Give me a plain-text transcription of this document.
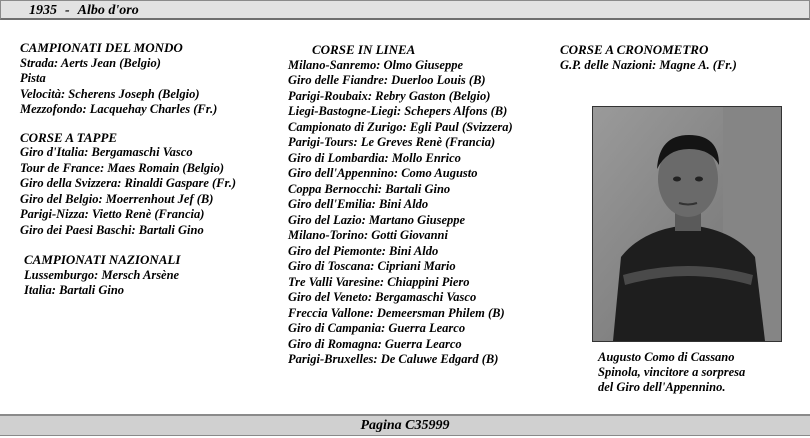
1935 - Albo d'oro
CAMPIONATI DEL MONDO
Strada: Aerts Jean (Belgio)
Pista
Velocità: Scherens Joseph (Belgio)
Mezzofondo: Lacquehay Charles (Fr.)
CORSE A TAPPE
Giro d'Italia: Bergamaschi Vasco
Tour de France: Maes Romain (Belgio)
Giro della Svizzera: Rinaldi Gaspare (Fr.)
Giro del Belgio: Moerrenhout Jef (B)
Parigi-Nizza: Vietto Renè (Francia)
Giro dei Paesi Baschi: Bartali Gino
CAMPIONATI NAZIONALI
Lussemburgo: Mersch Arsène
Italia: Bartali Gino
CORSE IN LINEA
Milano-Sanremo: Olmo Giuseppe
Giro delle Fiandre: Duerloo Louis (B)
Parigi-Roubaix: Rebry Gaston (Belgio)
Liegi-Bastogne-Liegi: Schepers Alfons (B)
Campionato di Zurigo: Egli Paul (Svizzera)
Parigi-Tours: Le Greves Renè (Francia)
Giro di Lombardia: Mollo Enrico
Giro dell'Appennino: Como Augusto
Coppa Bernocchi: Bartali Gino
Giro dell'Emilia: Bini Aldo
Giro del Lazio: Martano Giuseppe
Milano-Torino: Gotti Giovanni
Giro del Piemonte: Bini Aldo
Giro di Toscana: Cipriani Mario
Tre Valli Varesine: Chiappini Piero
Giro del Veneto: Bergamaschi Vasco
Freccia Vallone: Demeersman Philem (B)
Giro di Campania: Guerra Learco
Giro di Romagna: Guerra Learco
Parigi-Bruxelles: De Caluwe Edgard (B)
CORSE A CRONOMETRO
G.P. delle Nazioni: Magne A. (Fr.)
Augusto Como di Cassano
Spinola, vincitore a sorpresa
del Giro dell'Appennino.
Pagina C35999
